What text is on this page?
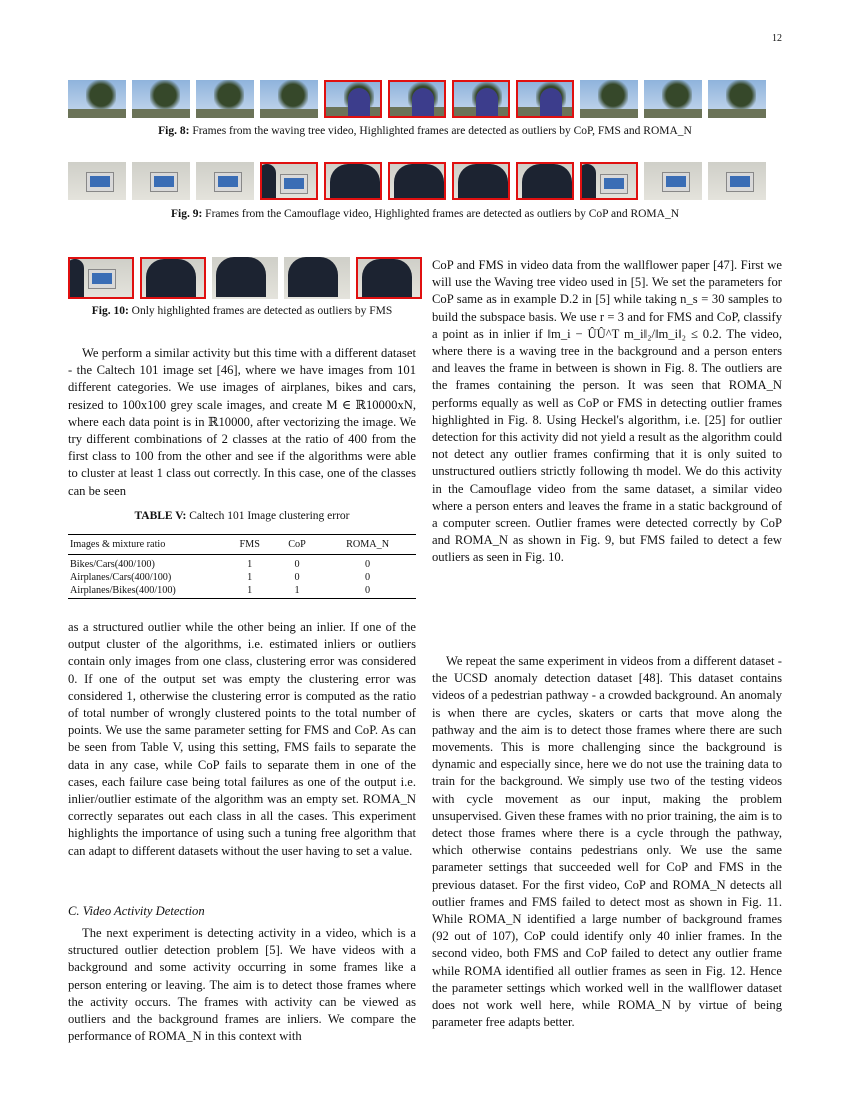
12
Fig. 8: Frames from the waving tree video, Highlighted frames are detected as outliers by CoP, FMS and ROMA_N
Fig. 9: Frames from the Camouflage video, Highlighted frames are detected as outliers by CoP and ROMA_N
Fig. 10: Only highlighted frames are detected as outliers by FMS

We perform a similar activity but this time with a different dataset - the Caltech 101 image set [46], where we have images from 101 different categories. We use images of airplanes, bikes and cars, resized to 100x100 grey scale images, and create M ∈ ℝ10000xN, where each data point is in ℝ10000, after vectorizing the image. We try different combinations of 2 classes at the ratio of 400 from the first class to 100 from the other and see if the algorithms were able to cluster at least 1 class out correctly. In this case, one of the classes can be seen

TABLE V: Caltech 101 Image clustering error
Images & mixture ratio	FMS	CoP	ROMA_N
Bikes/Cars(400/100)	1	0	0
Airplanes/Cars(400/100)	1	0	0
Airplanes/Bikes(400/100)	1	1	0

as a structured outlier while the other being an inlier. If one of the output cluster of the algorithms, i.e. estimated inliers or outliers contain only images from one class, clustering error was considered 0. If one of the output set was empty the clustering error was considered 1, otherwise the clustering error is computed as the ratio of total number of wrongly clustered points to the total number of points. We use the same parameter setting for FMS and CoP. As can be seen from Table V, using this setting, FMS fails to separate the data in any case, while CoP fails to separate them in one of the cases, each failure case being total failures as one of the output i.e. inlier/outlier estimate of the algorithm was an empty set. ROMA_N correctly separates out each class in all the cases. This experiment highlights the importance of using such a tuning free algorithm that can adapt to different datasets without the user having to set a value.

C. Video Activity Detection

The next experiment is detecting activity in a video, which is a structured outlier detection problem [5]. We have videos with a background and some activity occurring in some frames like a person entering or leaving. The aim is to detect those frames where the activity occurs. The frames with activity can be viewed as outliers and the background frames are inliers. We compare the performance of ROMA_N in this context with

CoP and FMS in video data from the wallflower paper [47]. First we will use the Waving tree video used in [5]. We set the parameters for CoP same as in example D.2 in [5] while taking n_s = 30 samples to build the subspace basis. We use r = 3 and for FMS and CoP, classify a point as in inlier if ‖m_i − ÛÛ^T m_i‖₂/‖m_i‖₂ ≤ 0.2. The video, where there is a waving tree in the background and a person enters and leaves the frame in between is shown in Fig. 8. The outliers are the frames containing the person. It was seen that ROMA_N performs equally as well as CoP or FMS in detecting outlier frames highlighted in Fig. 8. Using Heckel's algorithm, i.e. [25] for outlier detection for this activity did not yield a result as the algorithm could not detect any outlier frames confirming that it is only suited to unstructured outliers strictly following th model. We do this activity in the Camouflage video from the same dataset, a similar video where a person enters and leaves the frame in a static background of a computer screen. Outlier frames were detected correctly by CoP and ROMA_N as shown in Fig. 9, but FMS failed to detect a few outliers as seen in Fig. 10.

We repeat the same experiment in videos from a different dataset - the UCSD anomaly detection dataset [48]. This dataset contains videos of a pedestrian pathway - a crowded background. An anomaly is when there are cycles, skaters or carts that move along the pathway and the aim is to detect those frames where there are such movements. This is more challenging since the background is dynamic and especially since, here we do not use the training data to train for the background. We simply use two of the testing videos with cycle movement as our input, making the problem unsupervised. Given these frames with no prior training, the aim is to detect those frames where there is a cycle through the pathway, which otherwise contains pedestrians only. We use the same parameter settings that succeeded well for CoP and FMS in the previous dataset. For the first video, CoP and ROMA_N detects all outlier frames and FMS failed to detect most as shown in Fig. 11. While ROMA_N identified a large number of background frames (92 out of 107), CoP could identify only 40 inlier frames. In the second video, both FMS and CoP failed to detect any outlier frame while ROMA identified all outlier frames as seen in Fig. 12. Hence the parameter settings which worked well in the wallflower dataset does not work well here, while ROMA_N by virtue of being parameter free adapts better.
